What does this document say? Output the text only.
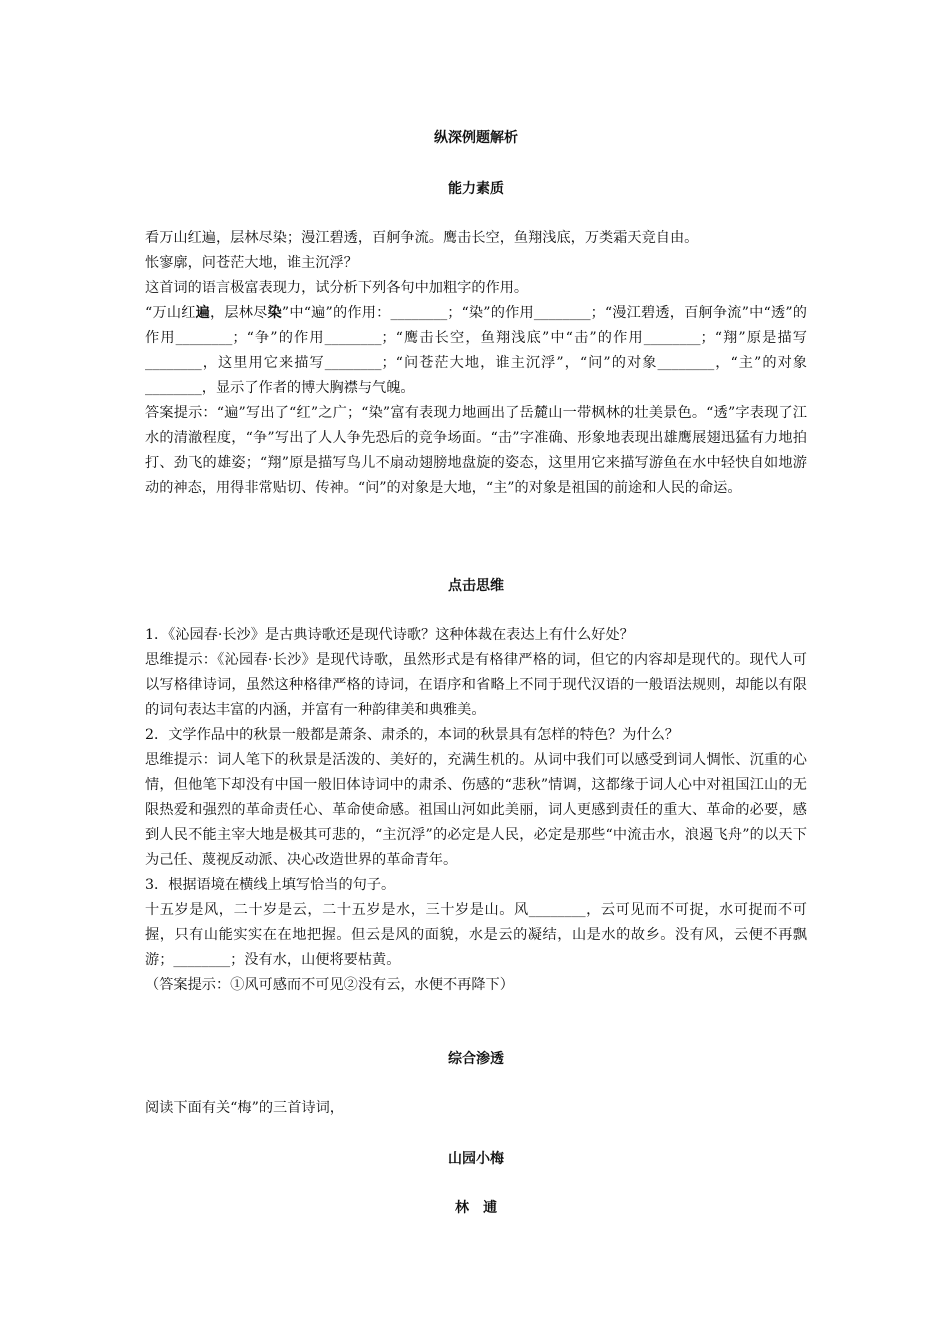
纵深例题解析
能力素质

看万山红遍，层林尽染；漫江碧透，百舸争流。鹰击长空，鱼翔浅底，万类霜天竞自由。

怅寥廓，问苍茫大地，谁主沉浮？

这首词的语言极富表现力，试分析下列各句中加粗字的作用。

“万山红遍，层林尽染”中“遍”的作用：________；“染”的作用________；“漫江碧透，百舸争流”中“透”的作用________；“争”的作用________；“鹰击长空，鱼翔浅底”中“击”的作用________；“翔”原是描写________，这里用它来描写________；“问苍茫大地，谁主沉浮”，“问”的对象________，“主”的对象________，显示了作者的博大胸襟与气魄。

答案提示：“遍”写出了“红”之广；“染”富有表现力地画出了岳麓山一带枫林的壮美景色。“透”字表现了江水的清澈程度，“争”写出了人人争先恐后的竞争场面。“击”字准确、形象地表现出雄鹰展翅迅猛有力地拍打、劲飞的雄姿；“翔”原是描写鸟儿不扇动翅膀地盘旋的姿态，这里用它来描写游鱼在水中轻快自如地游动的神态，用得非常贴切、传神。“问”的对象是大地，“主”的对象是祖国的前途和人民的命运。

点击思维

1．《沁园春·长沙》是古典诗歌还是现代诗歌？这种体裁在表达上有什么好处？

思维提示：《沁园春·长沙》是现代诗歌，虽然形式是有格律严格的词，但它的内容却是现代的。现代人可以写格律诗词，虽然这种格律严格的诗词，在语序和省略上不同于现代汉语的一般语法规则，却能以有限的词句表达丰富的内涵，并富有一种韵律美和典雅美。

2．文学作品中的秋景一般都是萧条、肃杀的，本词的秋景具有怎样的特色？为什么？

思维提示：词人笔下的秋景是活泼的、美好的，充满生机的。从词中我们可以感受到词人惆怅、沉重的心情，但他笔下却没有中国一般旧体诗词中的肃杀、伤感的“悲秋”情调，这都缘于词人心中对祖国江山的无限热爱和强烈的革命责任心、革命使命感。祖国山河如此美丽，词人更感到责任的重大、革命的必要，感到人民不能主宰大地是极其可悲的，“主沉浮”的必定是人民，必定是那些“中流击水，浪遏飞舟”的以天下为己任、蔑视反动派、决心改造世界的革命青年。

3．根据语境在横线上填写恰当的句子。

十五岁是风，二十岁是云，二十五岁是水，三十岁是山。风________，云可见而不可捉，水可捉而不可握，只有山能实实在在地把握。但云是风的面貌，水是云的凝结，山是水的故乡。没有风，云便不再飘游；________；没有水，山便将要枯黄。

（答案提示：①风可感而不可见②没有云，水便不再降下）

综合渗透
阅读下面有关“梅”的三首诗词，
山园小梅
林　逋
